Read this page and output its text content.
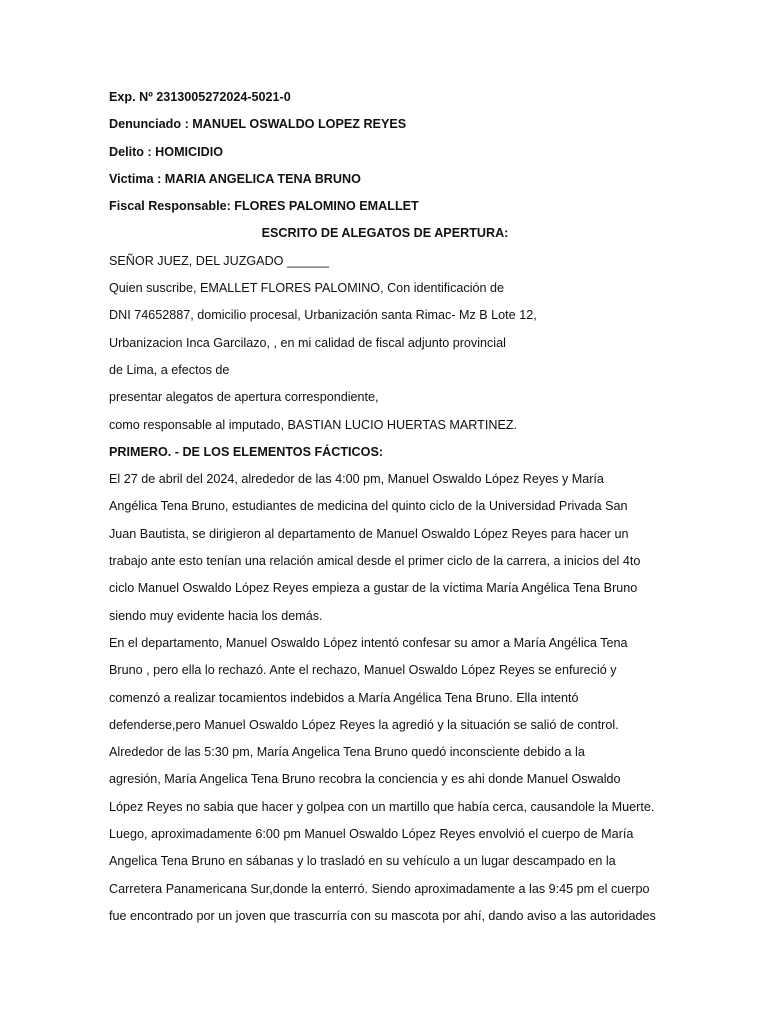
Exp. Nº 2313005272024-5021-0
Denunciado : MANUEL OSWALDO LOPEZ REYES
Delito : HOMICIDIO
Victima : MARIA ANGELICA TENA BRUNO
Fiscal Responsable: FLORES PALOMINO EMALLET
ESCRITO DE ALEGATOS DE APERTURA:
SEÑOR JUEZ, DEL JUZGADO ______
Quien suscribe, EMALLET FLORES PALOMINO, Con identificación de
DNI 74652887, domicilio procesal, Urbanización santa Rimac- Mz B Lote 12,
Urbanizacion Inca Garcilazo, , en mi calidad de fiscal adjunto provincial
de Lima, a efectos de
presentar alegatos de apertura correspondiente,
como responsable al imputado, BASTIAN LUCIO HUERTAS MARTINEZ.
PRIMERO. - DE LOS ELEMENTOS FÁCTICOS:
El 27 de abril del 2024, alrededor de las 4:00 pm, Manuel Oswaldo López Reyes y María
Angélica Tena Bruno, estudiantes de medicina del quinto ciclo de la Universidad Privada San
Juan Bautista, se dirigieron al departamento de Manuel Oswaldo López Reyes para hacer un
trabajo ante esto tenían una relación amical desde el primer ciclo de la carrera, a inicios del 4to
ciclo Manuel Oswaldo López Reyes empieza a gustar de la víctima María Angélica Tena Bruno
siendo muy evidente hacia los demás.
En el departamento, Manuel Oswaldo López intentó confesar su amor a María Angélica Tena
Bruno , pero ella lo rechazó. Ante el rechazo, Manuel Oswaldo López Reyes se enfureció y
comenzó a realizar tocamientos indebidos a María Angélica Tena Bruno. Ella intentó
defenderse,pero Manuel Oswaldo López Reyes la agredió y la situación se salió de control.
Alrededor de las 5:30 pm, María Angelica Tena Bruno quedó inconsciente debido a la
agresión, María Angelica Tena Bruno recobra la conciencia y es ahi donde Manuel Oswaldo
López Reyes no sabia que hacer y golpea con un martillo que había cerca, causandole la Muerte.
Luego, aproximadamente 6:00 pm Manuel Oswaldo López Reyes envolvió el cuerpo de María
Angelica Tena Bruno en sábanas y lo trasladó en su vehículo a un lugar descampado en la
Carretera Panamericana Sur,donde la enterró. Siendo aproximadamente a las 9:45 pm el cuerpo
fue encontrado por un joven que trascurría con su mascota por ahí, dando aviso a las autoridades
